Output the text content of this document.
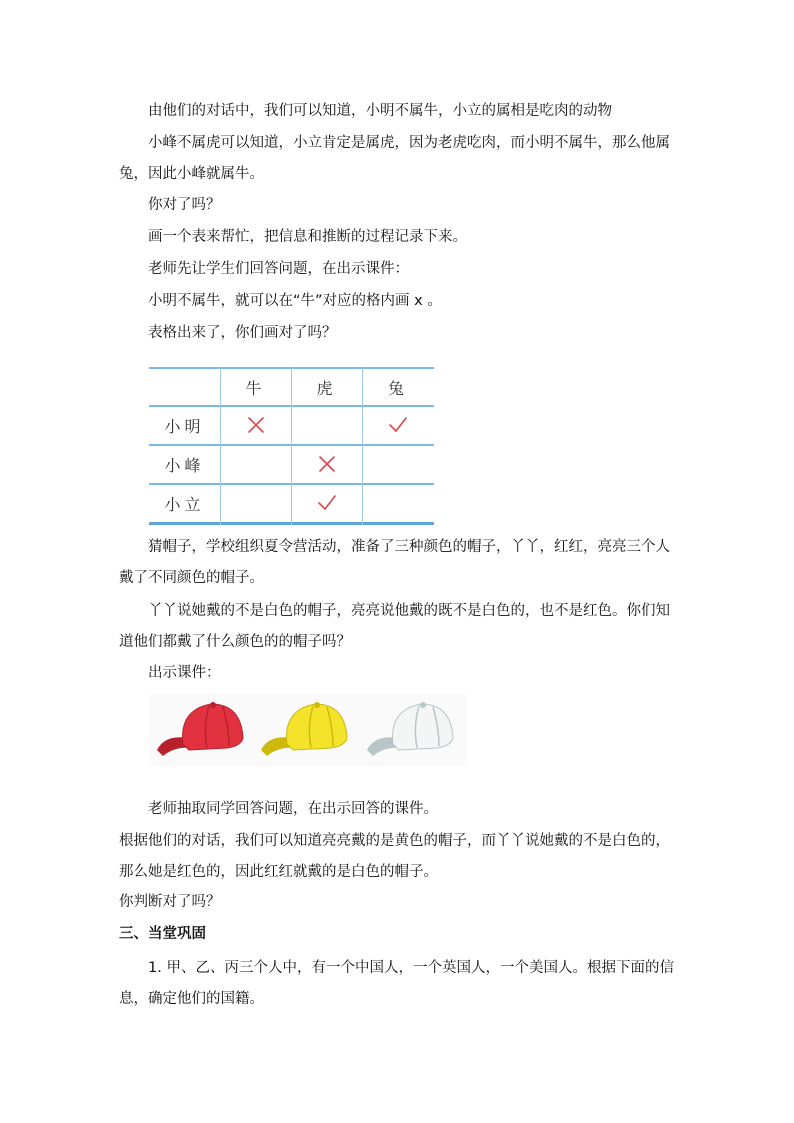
由他们的对话中，我们可以知道，小明不属牛，小立的属相是吃肉的动物

小峰不属虎可以知道，小立肯定是属虎，因为老虎吃肉，而小明不属牛，那么他属兔，因此小峰就属牛。

你对了吗？

画一个表来帮忙，把信息和推断的过程记录下来。

老师先让学生们回答问题，在出示课件：

小明不属牛，就可以在“牛”对应的格内画 x 。

表格出来了，你们画对了吗？

牛	虎	兔
小明
小峰
小立

猜帽子，学校组织夏令营活动，准备了三种颜色的帽子，丫丫，红红，亮亮三个人戴了不同颜色的帽子。

丫丫说她戴的不是白色的帽子，亮亮说他戴的既不是白色的，也不是红色。你们知道他们都戴了什么颜色的的帽子吗？

出示课件：

老师抽取同学回答问题，在出示回答的课件。

根据他们的对话，我们可以知道亮亮戴的是黄色的帽子，而丫丫说她戴的不是白色的，那么她是红色的，因此红红就戴的是白色的帽子。

你判断对了吗？

三、当堂巩固

1. 甲、乙、丙三个人中，有一个中国人，一个英国人，一个美国人。根据下面的信息，确定他们的国籍。
